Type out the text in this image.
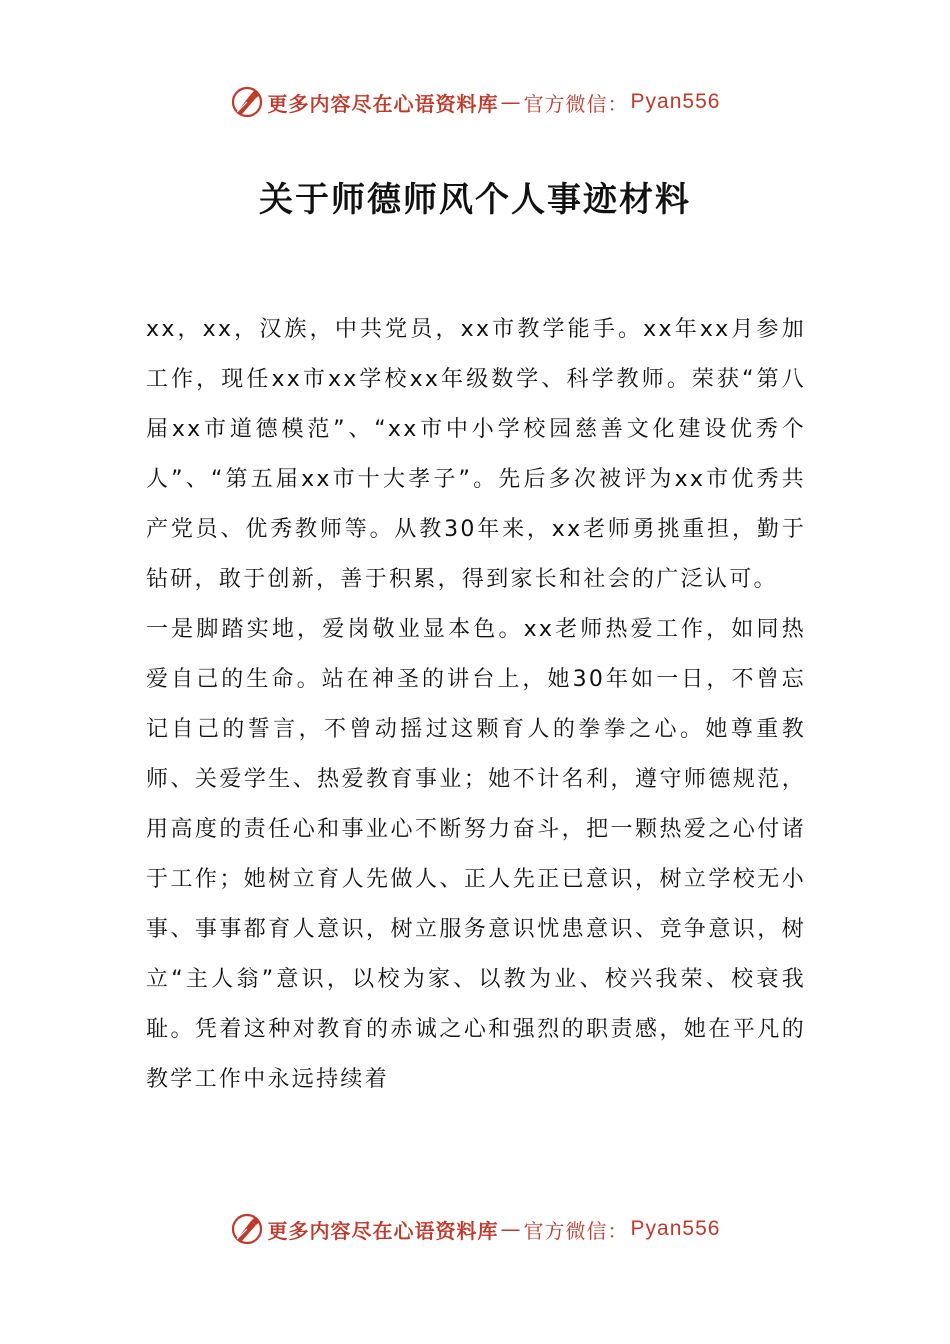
更多内容尽在心语资料库 — 官方微信： Pyan556
关于师德师风个人事迹材料

xx，xx，汉族，中共党员，xx市教学能手。xx年xx月参加工作，现任xx市xx学校xx年级数学、科学教师。荣获“第八届xx市道德模范”、“xx市中小学校园慈善文化建设优秀个人”、“第五届xx市十大孝子”。先后多次被评为xx市优秀共产党员、优秀教师等。从教30年来，xx老师勇挑重担，勤于钻研，敢于创新，善于积累，得到家长和社会的广泛认可。

一是脚踏实地，爱岗敬业显本色。xx老师热爱工作，如同热爱自己的生命。站在神圣的讲台上，她30年如一日，不曾忘记自己的誓言，不曾动摇过这颗育人的拳拳之心。她尊重教师、关爱学生、热爱教育事业；她不计名利，遵守师德规范，用高度的责任心和事业心不断努力奋斗，把一颗热爱之心付诸于工作；她树立育人先做人、正人先正已意识，树立学校无小事、事事都育人意识，树立服务意识忧患意识、竞争意识，树立“主人翁”意识，以校为家、以教为业、校兴我荣、校衰我耻。凭着这种对教育的赤诚之心和强烈的职责感，她在平凡的教学工作中永远持续着

更多内容尽在心语资料库 — 官方微信： Pyan556
